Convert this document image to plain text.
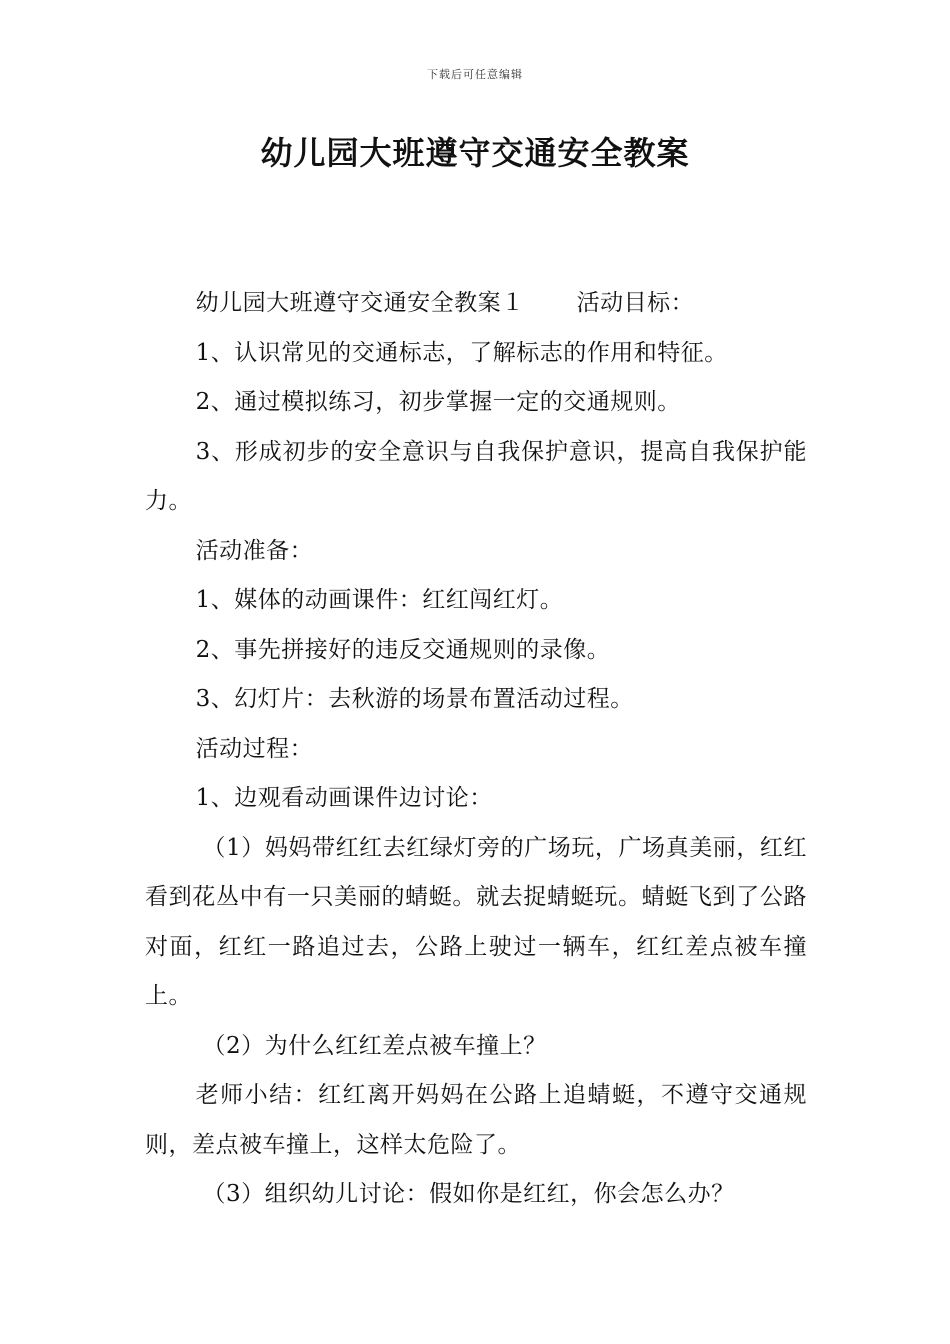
下载后可任意编辑
幼儿园大班遵守交通安全教案

幼儿园大班遵守交通安全教案１ 活动目标：

1、认识常见的交通标志，了解标志的作用和特征。

2、通过模拟练习，初步掌握一定的交通规则。

3、形成初步的安全意识与自我保护意识，提高自我保护能力。

活动准备：

1、媒体的动画课件：红红闯红灯。

2、事先拼接好的违反交通规则的录像。

3、幻灯片：去秋游的场景布置活动过程。

活动过程：

1、边观看动画课件边讨论：

（1）妈妈带红红去红绿灯旁的广场玩，广场真美丽，红红看到花丛中有一只美丽的蜻蜓。就去捉蜻蜓玩。蜻蜓飞到了公路对面，红红一路追过去，公路上驶过一辆车，红红差点被车撞上。

（2）为什么红红差点被车撞上？

老师小结：红红离开妈妈在公路上追蜻蜓，不遵守交通规则，差点被车撞上，这样太危险了。

（3）组织幼儿讨论：假如你是红红，你会怎么办？
